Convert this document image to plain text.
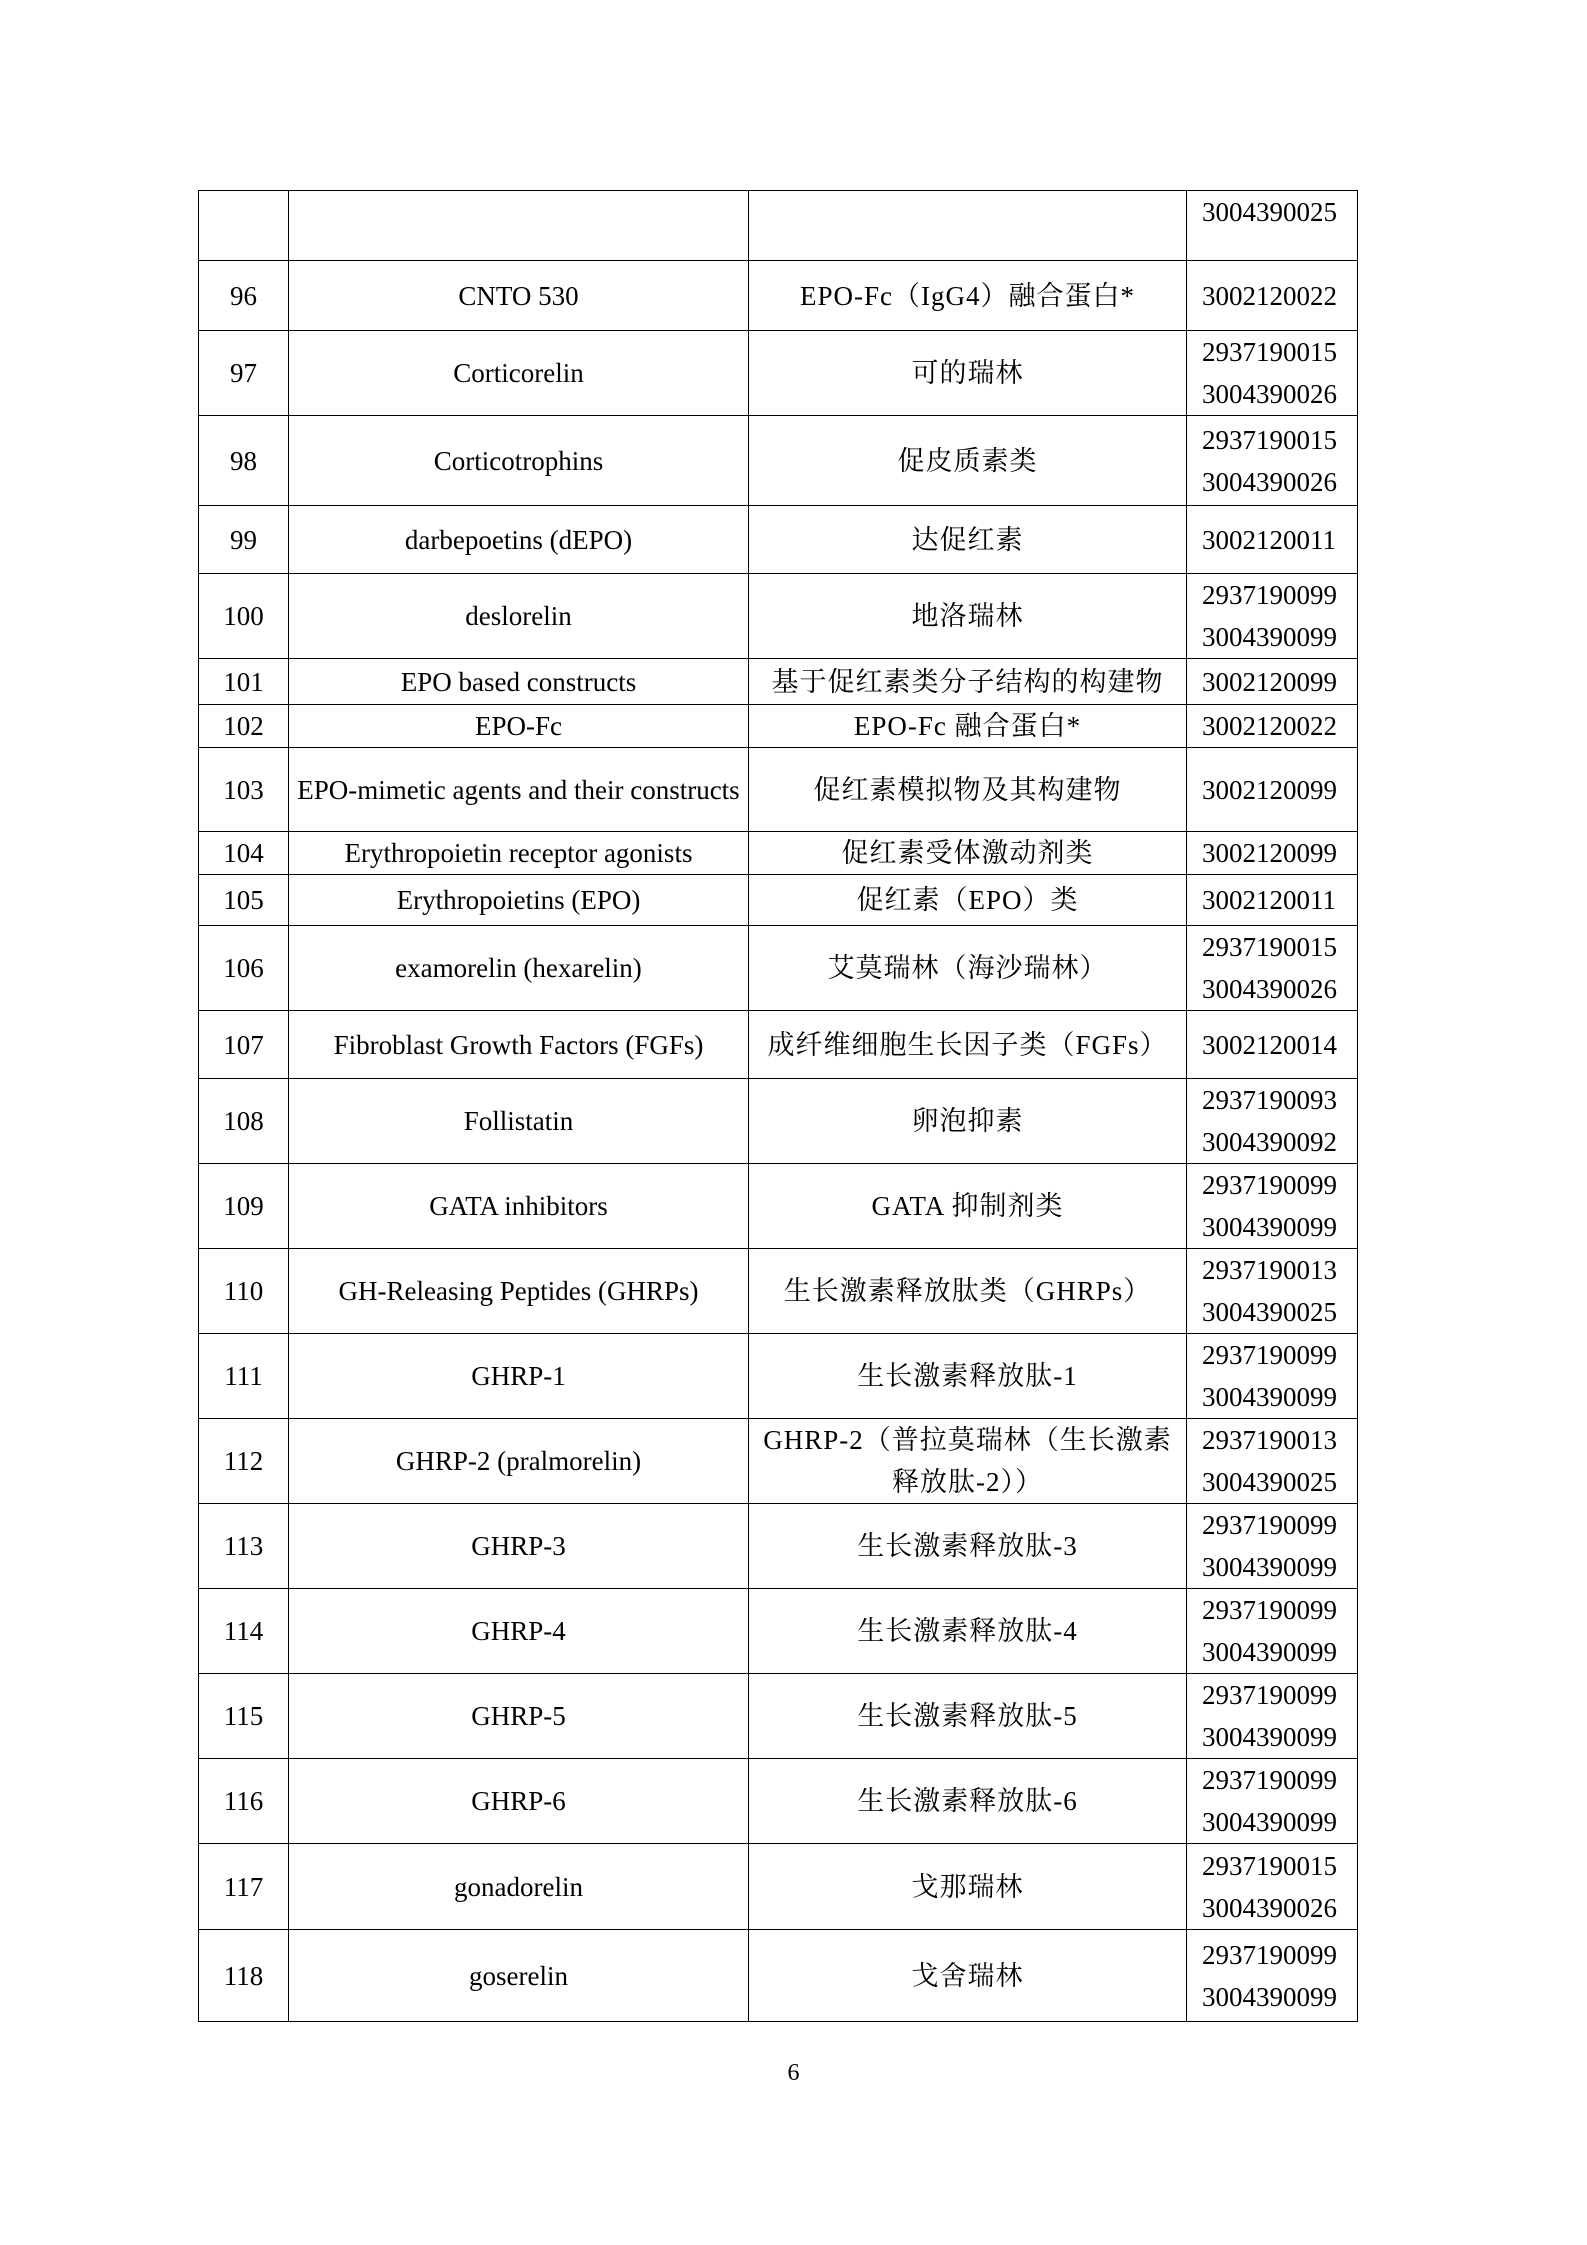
			3004390025

96	CNTO 530	EPO-Fc（IgG4）融合蛋白*	3002120022

97	Corticorelin	可的瑞林	2937190015
3004390026

98	Corticotrophins	促皮质素类	2937190015
3004390026

99	darbepoetins (dEPO)	达促红素	3002120011

100	deslorelin	地洛瑞林	2937190099
3004390099

101	EPO based constructs	基于促红素类分子结构的构建物	3002120099

102	EPO-Fc	EPO-Fc 融合蛋白*	3002120022

103	EPO-mimetic agents and their constructs	促红素模拟物及其构建物	3002120099

104	Erythropoietin receptor agonists	促红素受体激动剂类	3002120099

105	Erythropoietins (EPO)	促红素（EPO）类	3002120011

106	examorelin (hexarelin)	艾莫瑞林（海沙瑞林）	2937190015
3004390026

107	Fibroblast Growth Factors (FGFs)	成纤维细胞生长因子类（FGFs）	3002120014

108	Follistatin	卵泡抑素	2937190093
3004390092

109	GATA inhibitors	GATA 抑制剂类	2937190099
3004390099

110	GH-Releasing Peptides (GHRPs)	生长激素释放肽类（GHRPs）	2937190013
3004390025

111	GHRP-1	生长激素释放肽-1	2937190099
3004390099

112	GHRP-2 (pralmorelin)	GHRP-2（普拉莫瑞林（生长激素释放肽-2））	2937190013
3004390025

113	GHRP-3	生长激素释放肽-3	2937190099
3004390099

114	GHRP-4	生长激素释放肽-4	2937190099
3004390099

115	GHRP-5	生长激素释放肽-5	2937190099
3004390099

116	GHRP-6	生长激素释放肽-6	2937190099
3004390099

117	gonadorelin	戈那瑞林	2937190015
3004390026

118	goserelin	戈舍瑞林	2937190099
3004390099
6
